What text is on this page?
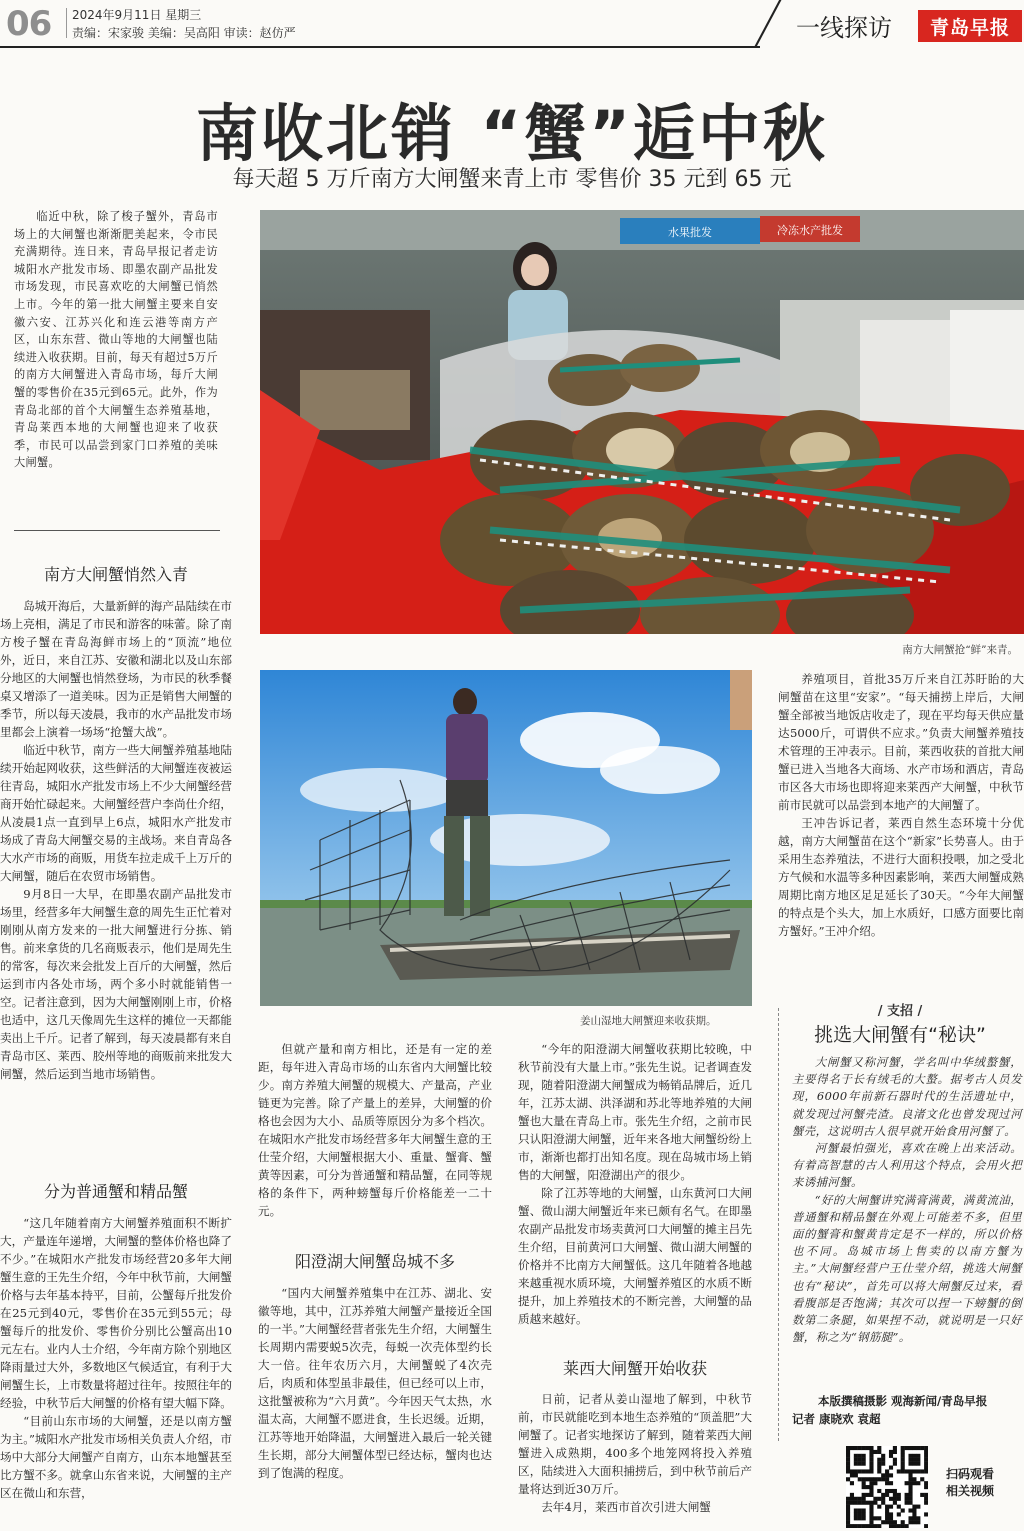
06 2024年9月11日 星期三
责编：宋家骏 美编：吴高阳 审读：赵仿严	一线探访	青岛早报
南收北销 “蟹”逅中秋
每天超 5 万斤南方大闸蟹来青上市 零售价 35 元到 65 元

临近中秋，除了梭子蟹外，青岛市场上的大闸蟹也渐渐肥美起来，令市民充满期待。连日来，青岛早报记者走访城阳水产批发市场、即墨农副产品批发市场发现，市民喜欢吃的大闸蟹已悄然上市。今年的第一批大闸蟹主要来自安徽六安、江苏兴化和连云港等南方产区，山东东营、微山等地的大闸蟹也陆续进入收获期。目前，每天有超过5万斤的南方大闸蟹进入青岛市场，每斤大闸蟹的零售价在35元到65元。此外，作为青岛北部的首个大闸蟹生态养殖基地，青岛莱西本地的大闸蟹也迎来了收获季，市民可以品尝到家门口养殖的美味大闸蟹。

水果批发	冷冻水产批发
南方大闸蟹抢“鲜”来青。
姜山湿地大闸蟹迎来收获期。
南方大闸蟹悄然入青

岛城开海后，大量新鲜的海产品陆续在市场上亮相，满足了市民和游客的味蕾。除了南方梭子蟹在青岛海鲜市场上的“顶流”地位外，近日，来自江苏、安徽和湖北以及山东部分地区的大闸蟹也悄然登场，为市民的秋季餐桌又增添了一道美味。因为正是销售大闸蟹的季节，所以每天凌晨，我市的水产品批发市场里都会上演着一场场“抢蟹大战”。

临近中秋节，南方一些大闸蟹养殖基地陆续开始起网收获，这些鲜活的大闸蟹连夜被运往青岛，城阳水产批发市场上不少大闸蟹经营商开始忙碌起来。大闸蟹经营户李尚仕介绍，从凌晨1点一直到早上6点，城阳水产批发市场成了青岛大闸蟹交易的主战场。来自青岛各大水产市场的商贩，用货车拉走成千上万斤的大闸蟹，随后在农贸市场销售。

9月8日一大早，在即墨农副产品批发市场里，经营多年大闸蟹生意的周先生正忙着对刚刚从南方发来的一批大闸蟹进行分拣、销售。前来拿货的几名商贩表示，他们是周先生的常客，每次来会批发上百斤的大闸蟹，然后运到市内各处市场，两个多小时就能销售一空。记者注意到，因为大闸蟹刚刚上市，价格也适中，这几天像周先生这样的摊位一天都能卖出上千斤。记者了解到，每天凌晨都有来自青岛市区、莱西、胶州等地的商贩前来批发大闸蟹，然后运到当地市场销售。

分为普通蟹和精品蟹

“这几年随着南方大闸蟹养殖面积不断扩大，产量连年递增，大闸蟹的整体价格也降了不少。”在城阳水产批发市场经营20多年大闸蟹生意的王先生介绍，今年中秋节前，大闸蟹价格与去年基本持平，目前，公蟹每斤批发价在25元到40元，零售价在35元到55元；母蟹每斤的批发价、零售价分别比公蟹高出10元左右。业内人士介绍，今年南方除个别地区降雨量过大外，多数地区气候适宜，有利于大闸蟹生长，上市数量将超过往年。按照往年的经验，中秋节后大闸蟹的价格有望大幅下降。

“目前山东市场的大闸蟹，还是以南方蟹为主。”城阳水产批发市场相关负责人介绍，市场中大部分大闸蟹产自南方，山东本地蟹甚至比方蟹不多。就拿山东省来说，大闸蟹的主产区在微山和东营，

但就产量和南方相比，还是有一定的差距，每年进入青岛市场的山东省内大闸蟹比较少。南方养殖大闸蟹的规模大、产量高，产业链更为完善。除了产量上的差异，大闸蟹的价格也会因为大小、品质等原因分为多个档次。在城阳水产批发市场经营多年大闸蟹生意的王仕莹介绍，大闸蟹根据大小、重量、蟹膏、蟹黄等因素，可分为普通蟹和精品蟹，在同等规格的条件下，两种螃蟹每斤价格能差一二十元。

阳澄湖大闸蟹岛城不多

“国内大闸蟹养殖集中在江苏、湖北、安徽等地，其中，江苏养殖大闸蟹产量接近全国的一半。”大闸蟹经营者张先生介绍，大闸蟹生长周期内需要蜕5次壳，每蜕一次壳体型约长大一倍。往年农历六月，大闸蟹蜕了4次壳后，肉质和体型虽非最佳，但已经可以上市，这批蟹被称为“六月黄”。今年因天气太热，水温太高，大闸蟹不愿进食，生长迟缓。近期，江苏等地开始降温，大闸蟹进入最后一轮关键生长期，部分大闸蟹体型已经达标，蟹肉也达到了饱满的程度。

“今年的阳澄湖大闸蟹收获期比较晚，中秋节前没有大量上市。”张先生说。记者调查发现，随着阳澄湖大闸蟹成为畅销品牌后，近几年，江苏太湖、洪泽湖和苏北等地养殖的大闸蟹也大量在青岛上市。张先生介绍，之前市民只认阳澄湖大闸蟹，近年来各地大闸蟹纷纷上市，渐渐也都打出知名度。现在岛城市场上销售的大闸蟹，阳澄湖出产的很少。

除了江苏等地的大闸蟹，山东黄河口大闸蟹、微山湖大闸蟹近年来已颇有名气。在即墨农副产品批发市场卖黄河口大闸蟹的摊主吕先生介绍，目前黄河口大闸蟹、微山湖大闸蟹的价格并不比南方大闸蟹低。这几年随着各地越来越重视水质环境，大闸蟹养殖区的水质不断提升，加上养殖技术的不断完善，大闸蟹的品质越来越好。

莱西大闸蟹开始收获

日前，记者从姜山湿地了解到，中秋节前，市民就能吃到本地生态养殖的“顶盖肥”大闸蟹了。记者实地探访了解到，随着莱西大闸蟹进入成熟期，400多个地笼网将投入养殖区，陆续进入大面积捕捞后，到中秋节前后产量将达到近30万斤。

去年4月，莱西市首次引进大闸蟹

养殖项目，首批35万斤来自江苏盱眙的大闸蟹苗在这里“安家”。“每天捕捞上岸后，大闸蟹全部被当地饭店收走了，现在平均每天供应量达5000斤，可谓供不应求。”负责大闸蟹养殖技术管理的王冲表示。目前，莱西收获的首批大闸蟹已进入当地各大商场、水产市场和酒店，青岛市区各大市场也即将迎来莱西产大闸蟹，中秋节前市民就可以品尝到本地产的大闸蟹了。

王冲告诉记者，莱西自然生态环境十分优越，南方大闸蟹苗在这个“新家”长势喜人。由于采用生态养殖法，不进行大面积投喂，加之受北方气候和水温等多种因素影响，莱西大闸蟹成熟周期比南方地区足足延长了30天。“今年大闸蟹的特点是个头大，加上水质好，口感方面要比南方蟹好。”王冲介绍。

/ 支招 /
挑选大闸蟹有“秘诀”

大闸蟹又称河蟹，学名叫中华绒螯蟹，主要得名于长有绒毛的大螯。据考古人员发现，6000年前新石器时代的生活遗址中，就发现过河蟹壳渣。良渚文化也曾发现过河蟹壳，这说明古人很早就开始食用河蟹了。

河蟹最怕强光，喜欢在晚上出来活动。有着高智慧的古人利用这个特点，会用火把来诱捕河蟹。

“好的大闸蟹讲究满膏满黄，满黄流油，普通蟹和精品蟹在外观上可能差不多，但里面的蟹膏和蟹黄肯定是不一样的，所以价格也不同。岛城市场上售卖的以南方蟹为主。”大闸蟹经营户王仕莹介绍，挑选大闸蟹也有“秘诀”，首先可以将大闸蟹反过来，看看腹部是否饱满；其次可以捏一下螃蟹的倒数第二条腿，如果捏不动，就说明是一只好蟹，称之为“钢筋腿”。

本版撰稿摄影 观海新闻/青岛早报
记者 康晓欢 袁超
扫码观看
相关视频
